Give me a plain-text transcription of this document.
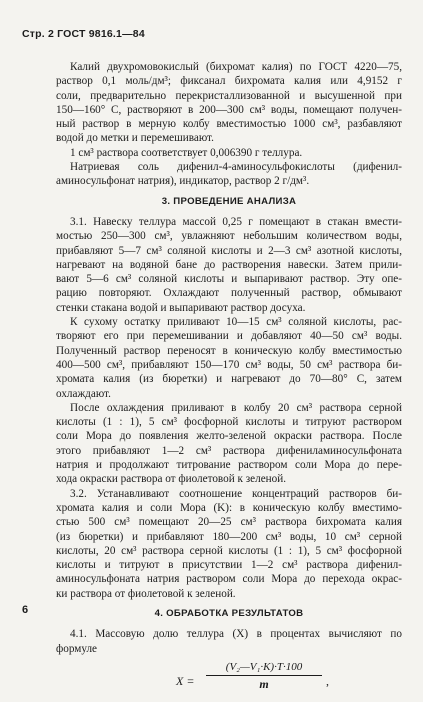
Стр. 2 ГОСТ 9816.1—84
Калий двухромовокислый (бихромат калия) по ГОСТ 4220—75,
раствор 0,1 моль/дм³; фиксанал бихромата калия или 4,9152 г
соли, предварительно перекристаллизованной и высушенной при
150—160° С, растворяют в 200—300 см³ воды, помещают получен-
ный раствор в мерную колбу вместимостью 1000 см³, разбавляют
водой до метки и перемешивают.
1 см³ раствора соответствует 0,006390 г теллура.
Натриевая соль дифенил-4-аминосульфокислоты (дифенил-
аминосульфонат натрия), индикатор, раствор 2 г/дм³.
3. ПРОВЕДЕНИЕ АНАЛИЗА
3.1. Навеску теллура массой 0,25 г помещают в стакан вмести-
мостью 250—300 см³, увлажняют небольшим количеством воды,
прибавляют 5—7 см³ соляной кислоты и 2—3 см³ азотной кислоты,
нагревают на водяной бане до растворения навески. Затем прили-
вают 5—6 см³ соляной кислоты и выпаривают раствор. Эту опе-
рацию повторяют. Охлаждают полученный раствор, обмывают
стенки стакана водой и выпаривают раствор досуха.
К сухому остатку приливают 10—15 см³ соляной кислоты, рас-
творяют его при перемешивании и добавляют 40—50 см³ воды.
Полученный раствор переносят в коническую колбу вместимостью
400—500 см³, прибавляют 150—170 см³ воды, 50 см³ раствора би-
хромата калия (из бюретки) и нагревают до 70—80° С, затем
охлаждают.
После охлаждения приливают в колбу 20 см³ раствора серной
кислоты (1 : 1), 5 см³ фосфорной кислоты и титруют раствором
соли Мора до появления желто-зеленой окраски раствора. После
этого прибавляют 1—2 см³ раствора дифениламиносульфоната
натрия и продолжают титрование раствором соли Мора до пере-
хода окраски раствора от фиолетовой к зеленой.
3.2. Устанавливают соотношение концентраций растворов би-
хромата калия и соли Мора (K): в коническую колбу вместимо-
стью 500 см³ помещают 20—25 см³ раствора бихромата калия
(из бюретки) и прибавляют 180—200 см³ воды, 10 см³ серной
кислоты, 20 см³ раствора серной кислоты (1 : 1), 5 см³ фосфорной
кислоты и титруют в присутствии 1—2 см³ раствора дифенил-
аминосульфоната натрия раствором соли Мора до перехода окрас-
ки раствора от фиолетовой к зеленой.
4. ОБРАБОТКА РЕЗУЛЬТАТОВ
4.1. Массовую долю теллура (X) в процентах вычисляют по
формуле
$X = \frac{\text{(V₂—V₁·K)·T·100}}{m}$ ,
6
